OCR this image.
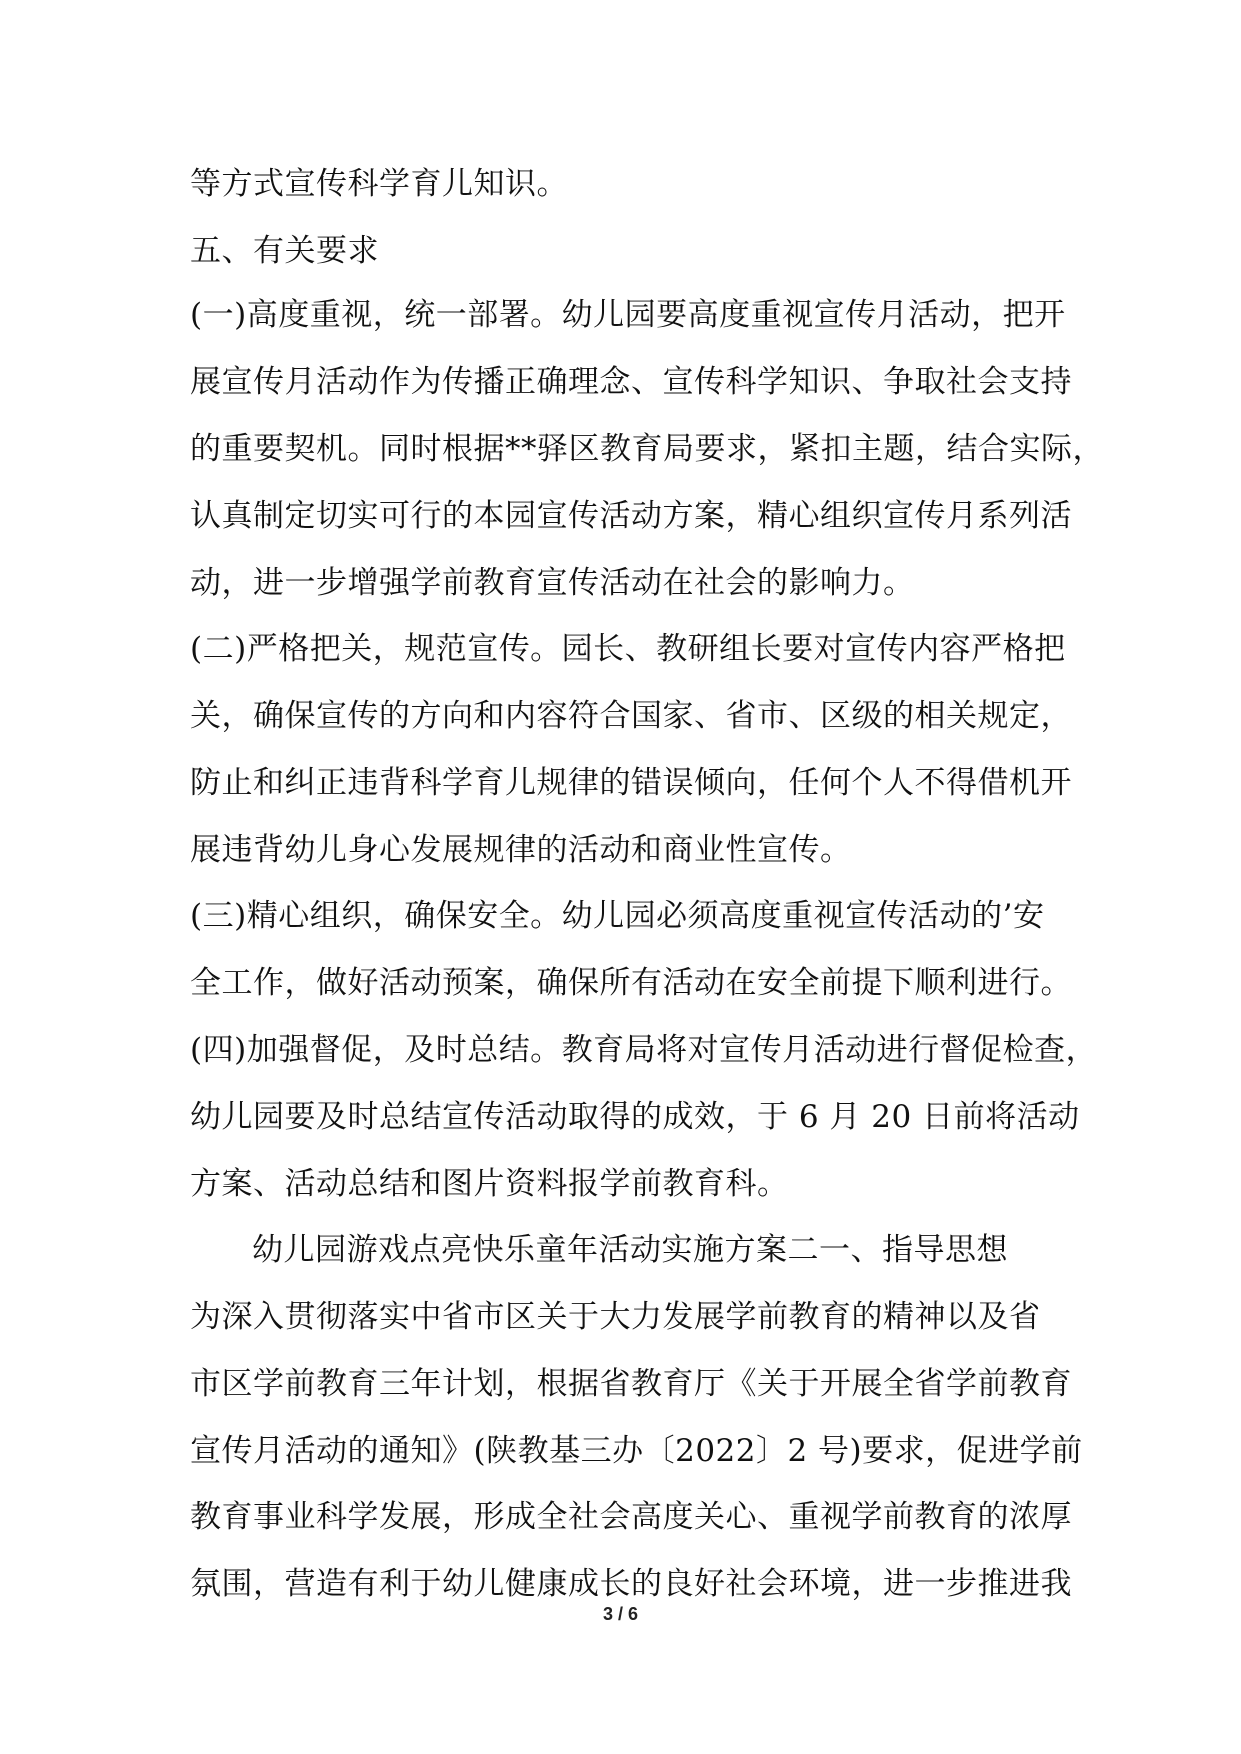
等方式宣传科学育儿知识。
五、有关要求
(一)高度重视，统一部署。幼儿园要高度重视宣传月活动，把开
展宣传月活动作为传播正确理念、宣传科学知识、争取社会支持
的重要契机。同时根据**驿区教育局要求，紧扣主题，结合实际，
认真制定切实可行的本园宣传活动方案，精心组织宣传月系列活
动，进一步增强学前教育宣传活动在社会的影响力。
(二)严格把关，规范宣传。园长、教研组长要对宣传内容严格把
关，确保宣传的方向和内容符合国家、省市、区级的相关规定，
防止和纠正违背科学育儿规律的错误倾向，任何个人不得借机开
展违背幼儿身心发展规律的活动和商业性宣传。
(三)精心组织，确保安全。幼儿园必须高度重视宣传活动的’安
全工作，做好活动预案，确保所有活动在安全前提下顺利进行。
(四)加强督促，及时总结。教育局将对宣传月活动进行督促检查，
幼儿园要及时总结宣传活动取得的成效，于 6 月 20 日前将活动
方案、活动总结和图片资料报学前教育科。
幼儿园游戏点亮快乐童年活动实施方案二一、指导思想
为深入贯彻落实中省市区关于大力发展学前教育的精神以及省
市区学前教育三年计划，根据省教育厅《关于开展全省学前教育
宣传月活动的通知》(陕教基三办〔2022〕2 号)要求，促进学前
教育事业科学发展，形成全社会高度关心、重视学前教育的浓厚
氛围，营造有利于幼儿健康成长的良好社会环境，进一步推进我
3 / 6
